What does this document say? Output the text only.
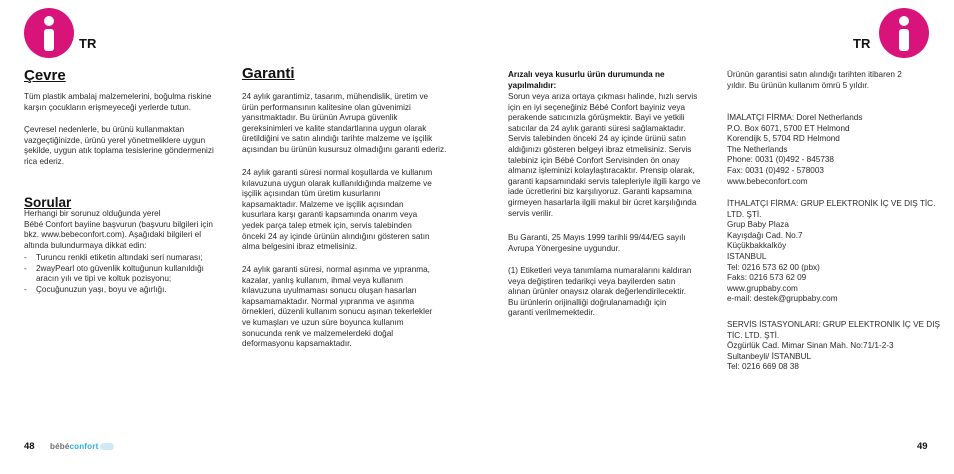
TR
Çevre
Tüm plastik ambalaj malzemelerini, boğulma riskine
karşın çocukların erişmeyeceği yerlerde tutun.
Çevresel nedenlerle, bu ürünü kullanmaktan
vazgeçtiğinizde, ürünü yerel yönetmeliklere uygun
şekilde, uygun atık toplama tesislerine göndermenizi
rica ederiz.
Sorular
Herhangi bir sorunuz olduğunda yerel
Bébé Confort bayiine başvurun (başvuru bilgileri için
bkz. www.bebeconfort.com). Aşağıdaki bilgileri el
altında bulundurmaya dikkat edin:
- Turuncu renkli etiketin altındaki seri numarası;
- 2wayPearl oto güvenlik koltuğunun kullanıldığı
aracın yılı ve tipi ve koltuk pozisyonu;
- Çocuğunuzun yaşı, boyu ve ağırlığı.
Garanti
24 aylık garantimiz, tasarım, mühendislik, üretim ve
ürün performansının kalitesine olan güvenimizi
yansıtmaktadır. Bu ürünün Avrupa güvenlik
gereksinimleri ve kalite standartlarına uygun olarak
üretildiğini ve satın alındığı tarihte malzeme ve işçilik
açısından bu ürünün kusursuz olmadığını garanti ederiz.
24 aylık garanti süresi normal koşullarda ve kullanım
kılavuzuna uygun olarak kullanıldığında malzeme ve
işçilik açısından tüm üretim kusurlarını
kapsamaktadır. Malzeme ve işçilik açısından
kusurlara karşı garanti kapsamında onarım veya
yedek parça talep etmek için, servis talebinden
önceki 24 ay içinde ürünün alındığını gösteren satın
alma belgesini ibraz etmelisiniz.
24 aylık garanti süresi, normal aşınma ve yıpranma,
kazalar, yanlış kullanım, ihmal veya kullanım
kılavuzuna uyulmaması sonucu oluşan hasarları
kapsamamaktadır. Normal yıpranma ve aşınma
örnekleri, düzenli kullanım sonucu aşınan tekerlekler
ve kumaşları ve uzun süre boyunca kullanım
sonucunda renk ve malzemelerdeki doğal
deformasyonu kapsamaktadır.
48 bébéconfort
Arızalı veya kusurlu ürün durumunda ne
yapılmalıdır:
Sorun veya arıza ortaya çıkması halinde, hızlı servis
için en iyi seçeneğiniz Bébé Confort bayiniz veya
perakende satıcınızla görüşmektir. Bayi ve yetkili
satıcılar da 24 aylık garanti süresi sağlamaktadır.
Servis talebinden önceki 24 ay içinde ürünü satın
aldığınızı gösteren belgeyi ibraz etmelisiniz. Servis
talebiniz için Bébé Confort Servisinden ön onay
almanız işleminizi kolaylaştıracaktır. Prensip olarak,
garanti kapsamındaki servis talepleriyle ilgili kargo ve
iade ücretlerini biz karşılıyoruz. Garanti kapsamına
girmeyen hasarlarla ilgili makul bir ücret karşılığında
servis verilir.
Bu Garanti, 25 Mayıs 1999 tarihli 99/44/EG sayılı
Avrupa Yönergesine uygundur.
(1) Etiketleri veya tanımlama numaralarını kaldıran
veya değiştiren tedarikçi veya bayilerden satın
alınan ürünler onaysız olarak değerlendirilecektir.
Bu ürünlerin orijinalliği doğrulanamadığı için
garanti verilmemektedir.
Ürünün garantisi satın alındığı tarihten itibaren 2
yıldır. Bu ürünün kullanım ömrü 5 yıldır.
İMALATÇI FİRMA: Dorel Netherlands
P.O. Box 6071, 5700 ET Helmond
Korendijk 5, 5704 RD Helmond
The Netherlands
Phone: 0031 (0)492 - 845738
Fax: 0031 (0)492 - 578003
www.bebeconfort.com
İTHALATÇI FİRMA: GRUP ELEKTRONİK İÇ VE DIŞ TİC.
LTD. ŞTİ.
Grup Baby Plaza
Kayışdağı Cad. No.7
Küçükbakkalköy
ISTANBUL
Tel: 0216 573 62 00 (pbx)
Faks: 0216 573 62 09
www.grupbaby.com
e-mail: destek@grupbaby.com
SERVİS İSTASYONLARI: GRUP ELEKTRONİK İÇ VE DIŞ
TİC. LTD. ŞTİ.
Özgürlük Cad. Mimar Sinan Mah. No:71/1-2-3
Sultanbeyli/ İSTANBUL
Tel: 0216 669 08 38
TR
49
